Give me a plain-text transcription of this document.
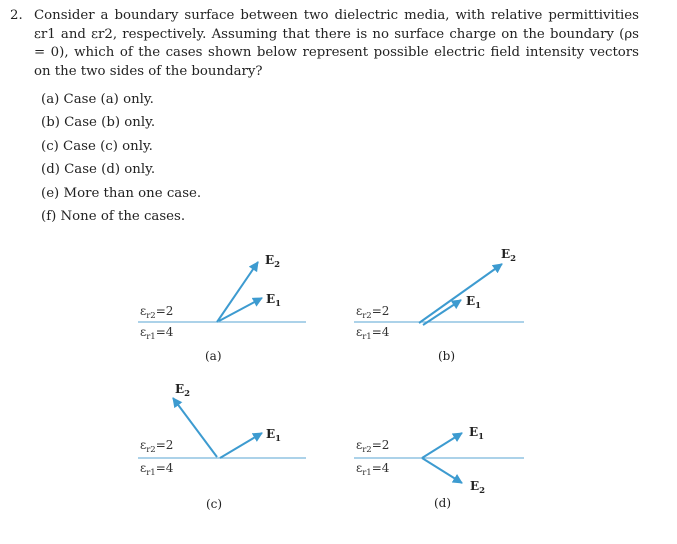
2. Consider a boundary surface between two dielectric media, with relative permittivities εr1 and εr2, respectively. Assuming that there is no surface charge on the boundary (ρs = 0), which of the cases shown below represent possible electric field intensity vectors on the two sides of the boundary?
(a) Case (a) only.
(b) Case (b) only.
(c) Case (c) only.
(d) Case (d) only.
(e) More than one case.
(f) None of the cases.
$\varepsilon_{r2}=2$
$\varepsilon_{r1}=4$
$E_2$
$E_1$
(a)
$\varepsilon_{r2}=2$
$\varepsilon_{r1}=4$
$E_2$
$E_1$
(b)
$\varepsilon_{r2}=2$
$\varepsilon_{r1}=4$
$E_2$
$E_1$
(c)
$\varepsilon_{r2}=2$
$\varepsilon_{r1}=4$
$E_1$
$E_2$
(d)
